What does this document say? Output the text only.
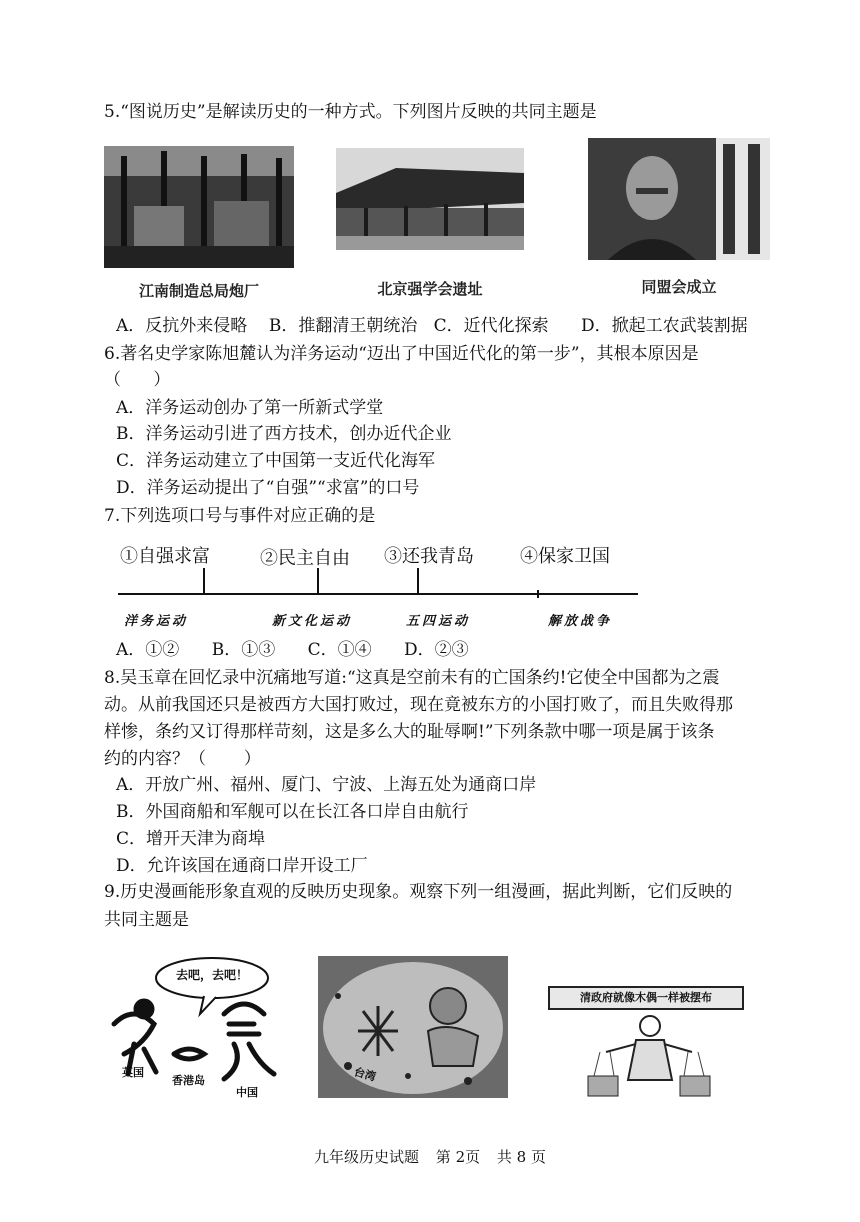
5.“图说历史”是解读历史的一种方式。下列图片反映的共同主题是
江南制造总局炮厂	北京强学会遗址	同盟会成立
A．反抗外来侵略    B．推翻清王朝统治   C．近代化探索      D．掀起工农武装割据
6.著名史学家陈旭麓认为洋务运动“迈出了中国近代化的第一步”，其根本原因是
（      ）
A．洋务运动创办了第一所新式学堂
B．洋务运动引进了西方技术，创办近代企业
C．洋务运动建立了中国第一支近代化海军
D．洋务运动提出了“自强”“求富”的口号
7.下列选项口号与事件对应正确的是
①自强求富	②民主自由 ③还我青岛	④保家卫国
洋务运动	新文化运动	五四运动	解放战争
A．①②      B．①③      C．①④      D．②③
8.吴玉章在回忆录中沉痛地写道:“这真是空前未有的亡国条约!它使全中国都为之震
动。从前我国还只是被西方大国打败过，现在竟被东方的小国打败了，而且失败得那
样惨，条约又订得那样苛刻，这是多么大的耻辱啊!”下列条款中哪一项是属于该条
约的内容？（       ）
A．开放广州、福州、厦门、宁波、上海五处为通商口岸
B．外国商船和军舰可以在长江各口岸自由航行
C．增开天津为商埠
D．允许该国在通商口岸开设工厂
9.历史漫画能形象直观的反映历史现象。观察下列一组漫画，据此判断，它们反映的
共同主题是
去吧，去吧！
英国
香港岛
中国
台湾
清政府就像木偶一样被摆布
九年级历史试题 第 2页 共 8 页
